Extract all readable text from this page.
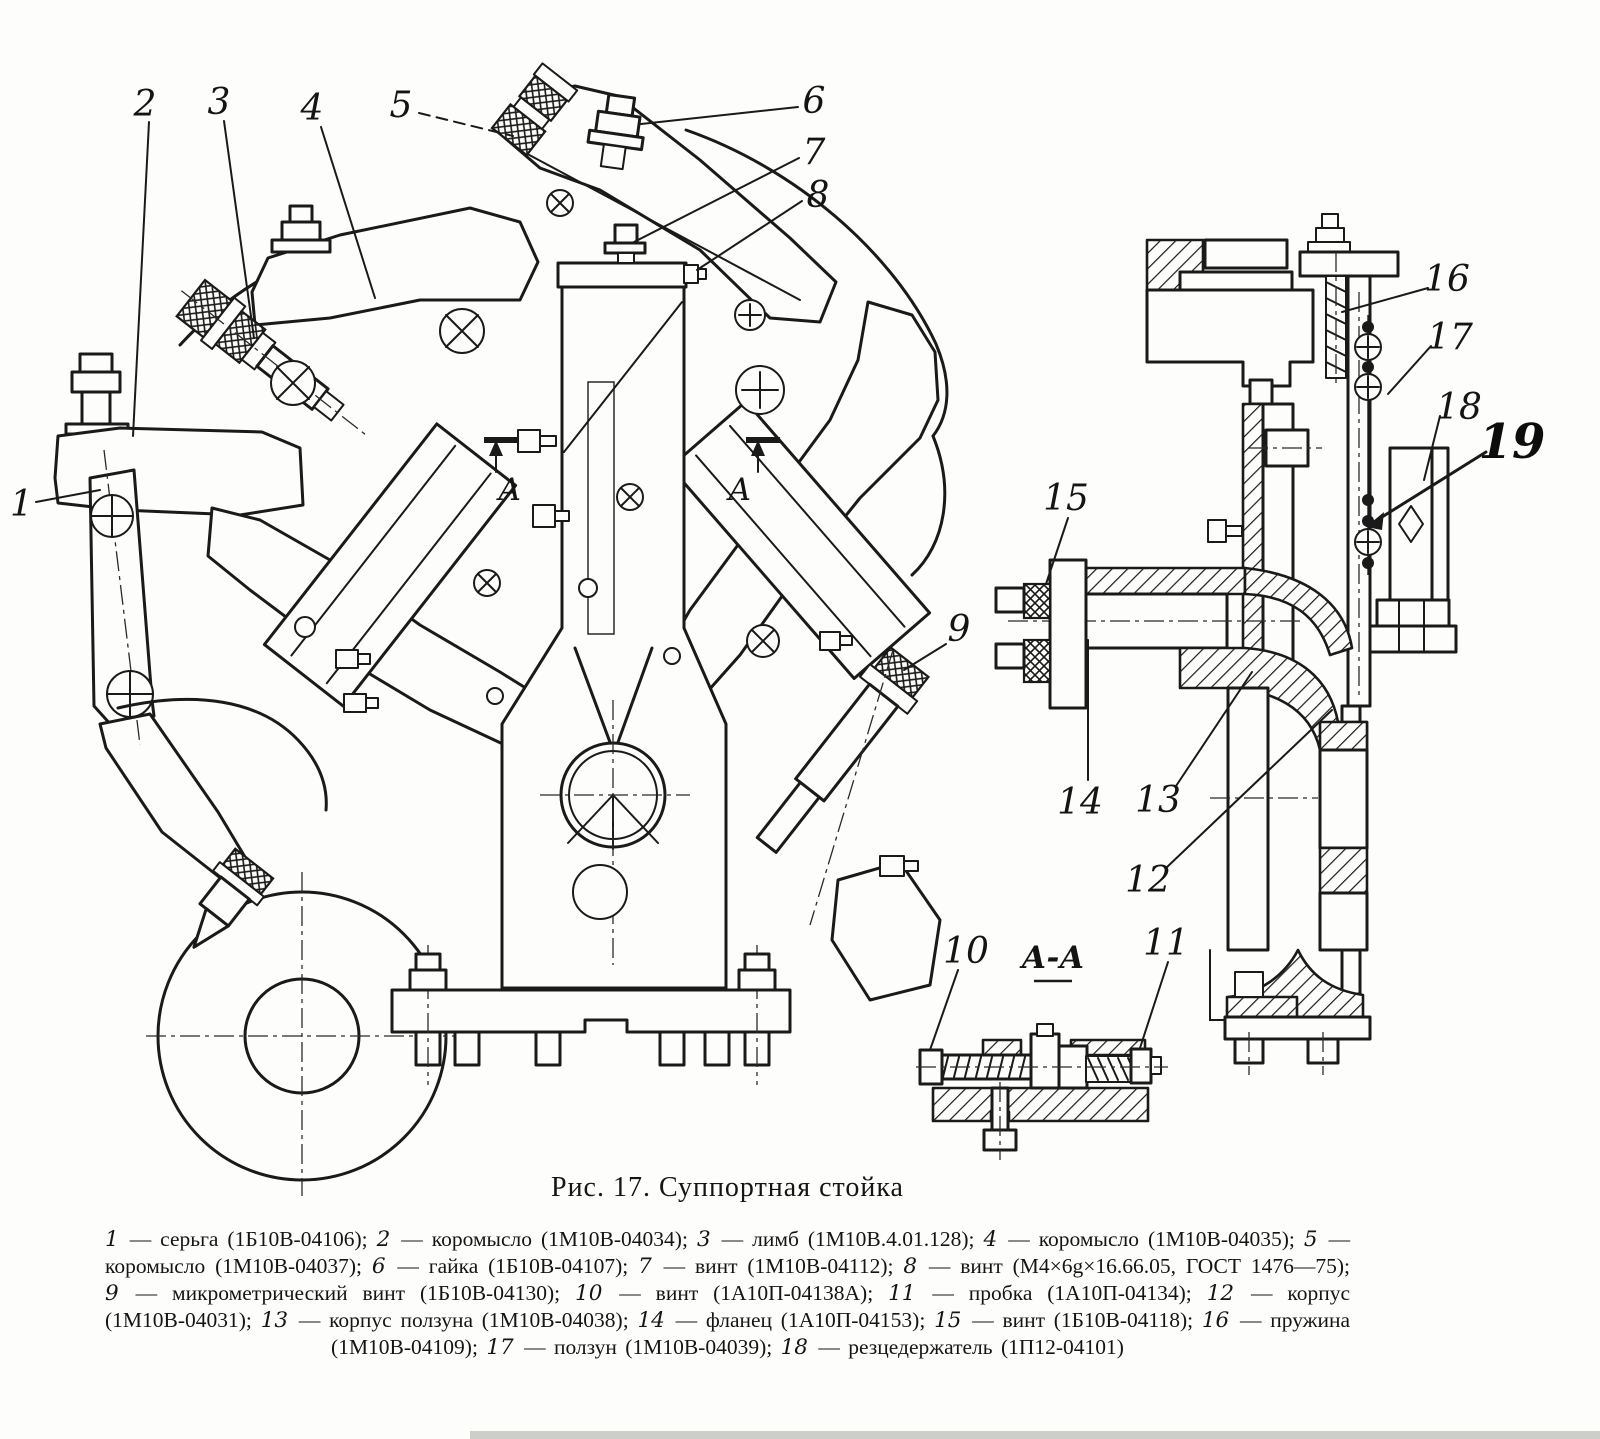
А	А
1
2 3 4 5	6
7
8
9
10	11
12
13
14
15
16
17
18
19
А-А

Рис. 17. Суппортная стойка

1 — серьга (1Б10В-04106); 2 — коромысло (1М10В-04034); 3 — лимб (1М10В.4.01.128); 4 — коромысло (1М10В-04035); 5 — коромысло (1М10В-04037); 6 — гайка (1Б10В-04107); 7 — винт (1М10В-04112); 8 — винт (М4×6g×16.66.05, ГОСТ 1476—75); 9 — микрометрический винт (1Б10В-04130); 10 — винт (1А10П-04138А); 11 — пробка (1А10П-04134); 12 — корпус (1М10В-04031); 13 — корпус ползуна (1М10В-04038); 14 — фланец (1А10П-04153); 15 — винт (1Б10В-04118); 16 — пружина (1М10В-04109); 17 — ползун (1М10В-04039); 18 — резцедержатель (1П12-04101)
